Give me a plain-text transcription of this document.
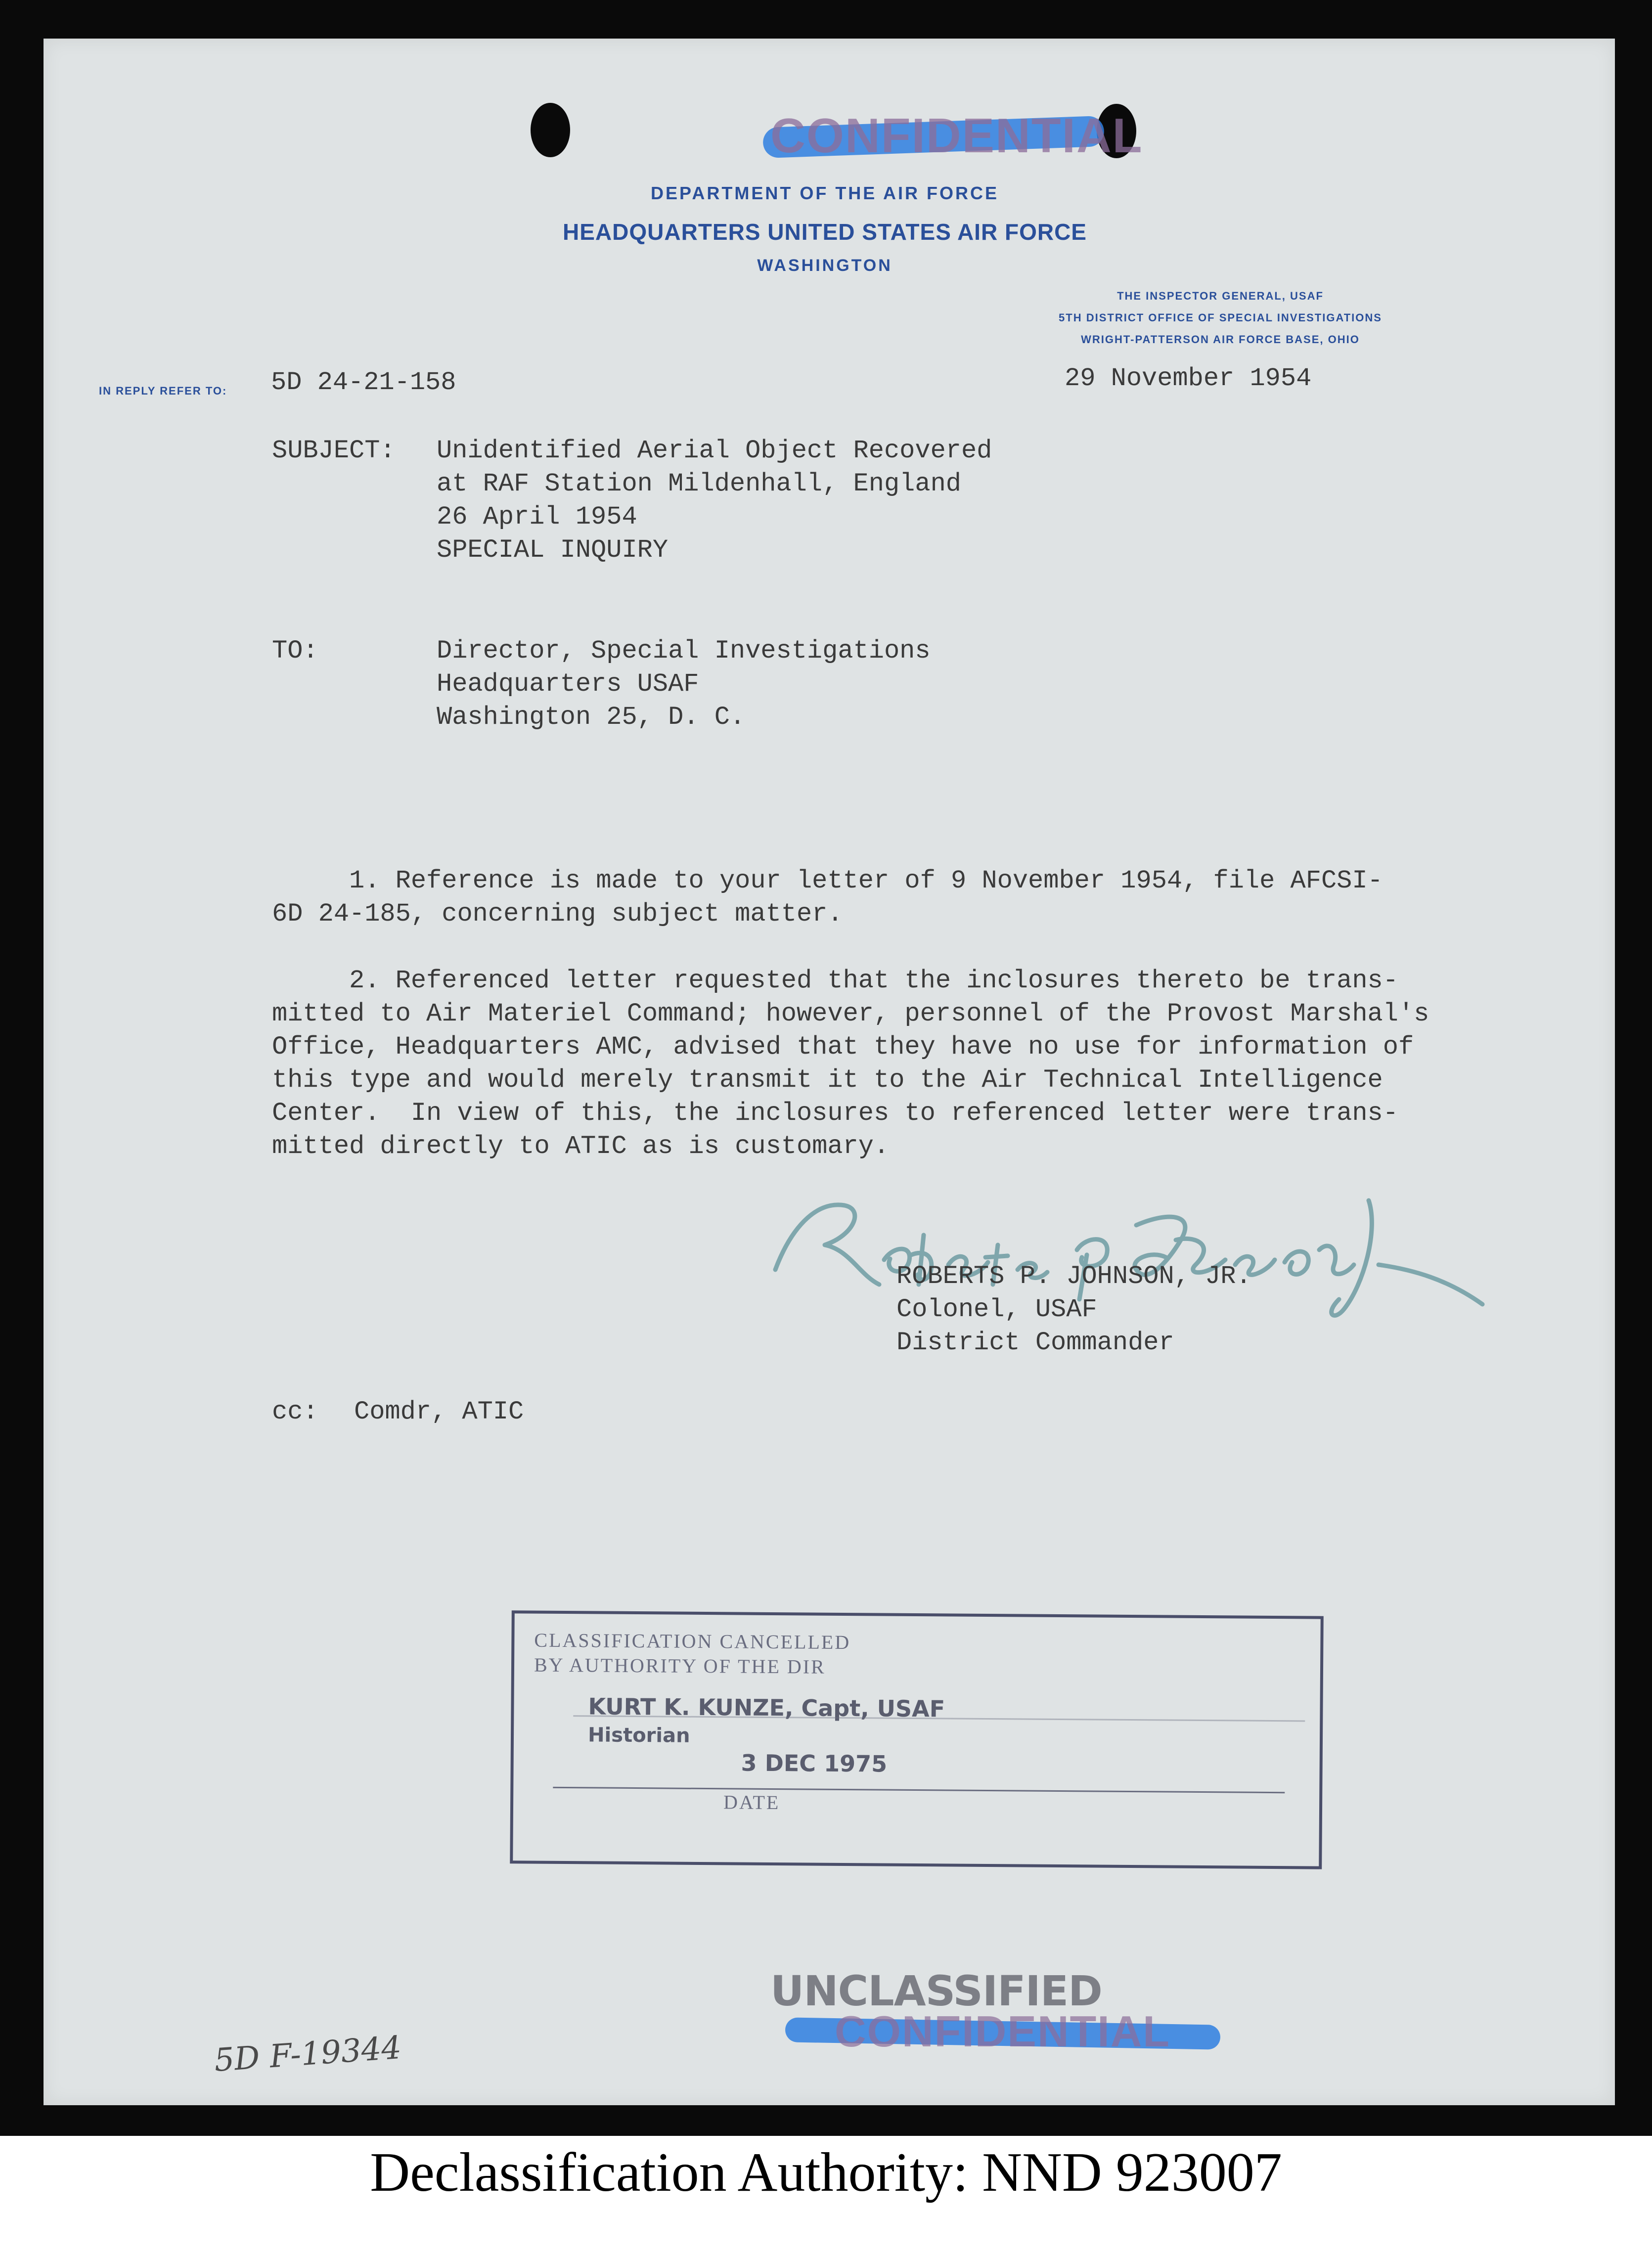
CONFIDENTIAL
DEPARTMENT OF THE AIR FORCE
HEADQUARTERS UNITED STATES AIR FORCE
WASHINGTON
THE INSPECTOR GENERAL, USAF
5TH DISTRICT OFFICE OF SPECIAL INVESTIGATIONS
WRIGHT-PATTERSON AIR FORCE BASE, OHIO
IN REPLY REFER TO: 5D 24-21-158	29 November 1954
SUBJECT: Unidentified Aerial Object Recovered
at RAF Station Mildenhall, England
26 April 1954
SPECIAL INQUIRY
TO:	Director, Special Investigations
Headquarters USAF
Washington 25, D. C.
1. Reference is made to your letter of 9 November 1954, file AFCSI-
6D 24-185, concerning subject matter.
2. Referenced letter requested that the inclosures thereto be trans-
mitted to Air Materiel Command; however, personnel of the Provost Marshal's
Office, Headquarters AMC, advised that they have no use for information of
this type and would merely transmit it to the Air Technical Intelligence
Center.  In view of this, the inclosures to referenced letter were trans-
mitted directly to ATIC as is customary.
ROBERTS P. JOHNSON, JR.
Colonel, USAF
District Commander
cc: Comdr, ATIC
CLASSIFICATION CANCELLED
BY AUTHORITY OF THE DIR
KURT K. KUNZE, Capt, USAF
Historian
3 DEC 1975
DATE
UNCLASSIFIED
CONFIDENTIAL
5D F-19344
Declassification Authority: NND 923007
